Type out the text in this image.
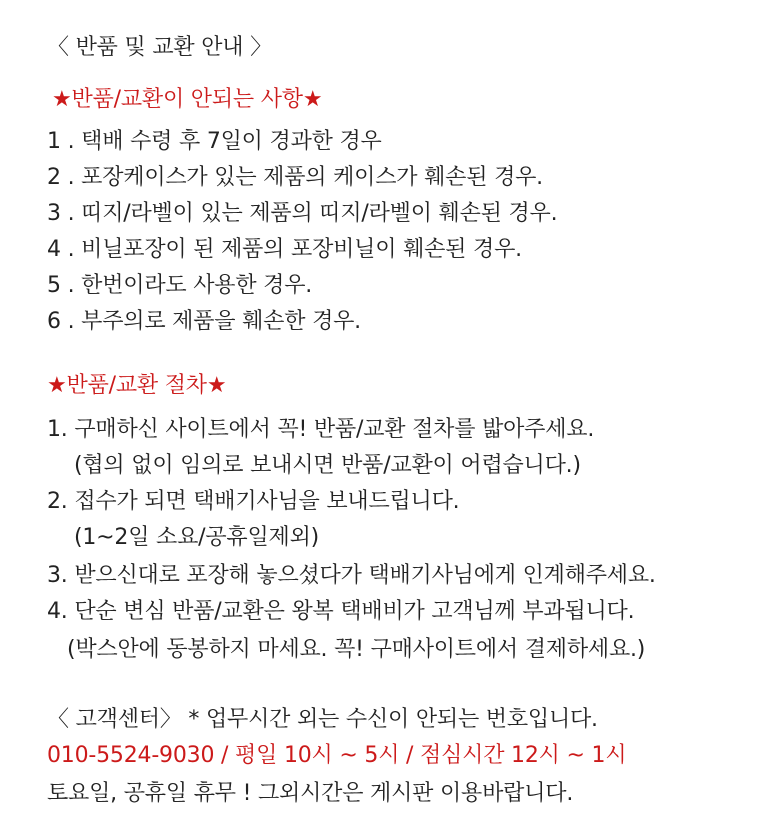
〈 반품 및 교환 안내 〉
★반품/교환이 안되는 사항★
1 . 택배 수령 후 7일이 경과한 경우
2 . 포장케이스가 있는 제품의 케이스가 훼손된 경우.
3 . 띠지/라벨이 있는 제품의 띠지/라벨이 훼손된 경우.
4 . 비닐포장이 된 제품의 포장비닐이 훼손된 경우.
5 . 한번이라도 사용한 경우.
6 . 부주의로 제품을 훼손한 경우.
★반품/교환 절차★
1. 구매하신 사이트에서 꼭! 반품/교환 절차를 밟아주세요.
(협의 없이 임의로 보내시면 반품/교환이 어렵습니다.)
2. 접수가 되면 택배기사님을 보내드립니다.
(1~2일 소요/공휴일제외)
3. 받으신대로 포장해 놓으셨다가 택배기사님에게 인계해주세요.
4. 단순 변심 반품/교환은 왕복 택배비가 고객님께 부과됩니다.
(박스안에 동봉하지 마세요. 꼭! 구매사이트에서 결제하세요.)
〈 고객센터〉 * 업무시간 외는 수신이 안되는 번호입니다.
010-5524-9030 / 평일 10시 ~ 5시 / 점심시간 12시 ~ 1시
토요일, 공휴일 휴무 ! 그외시간은 게시판 이용바랍니다.
